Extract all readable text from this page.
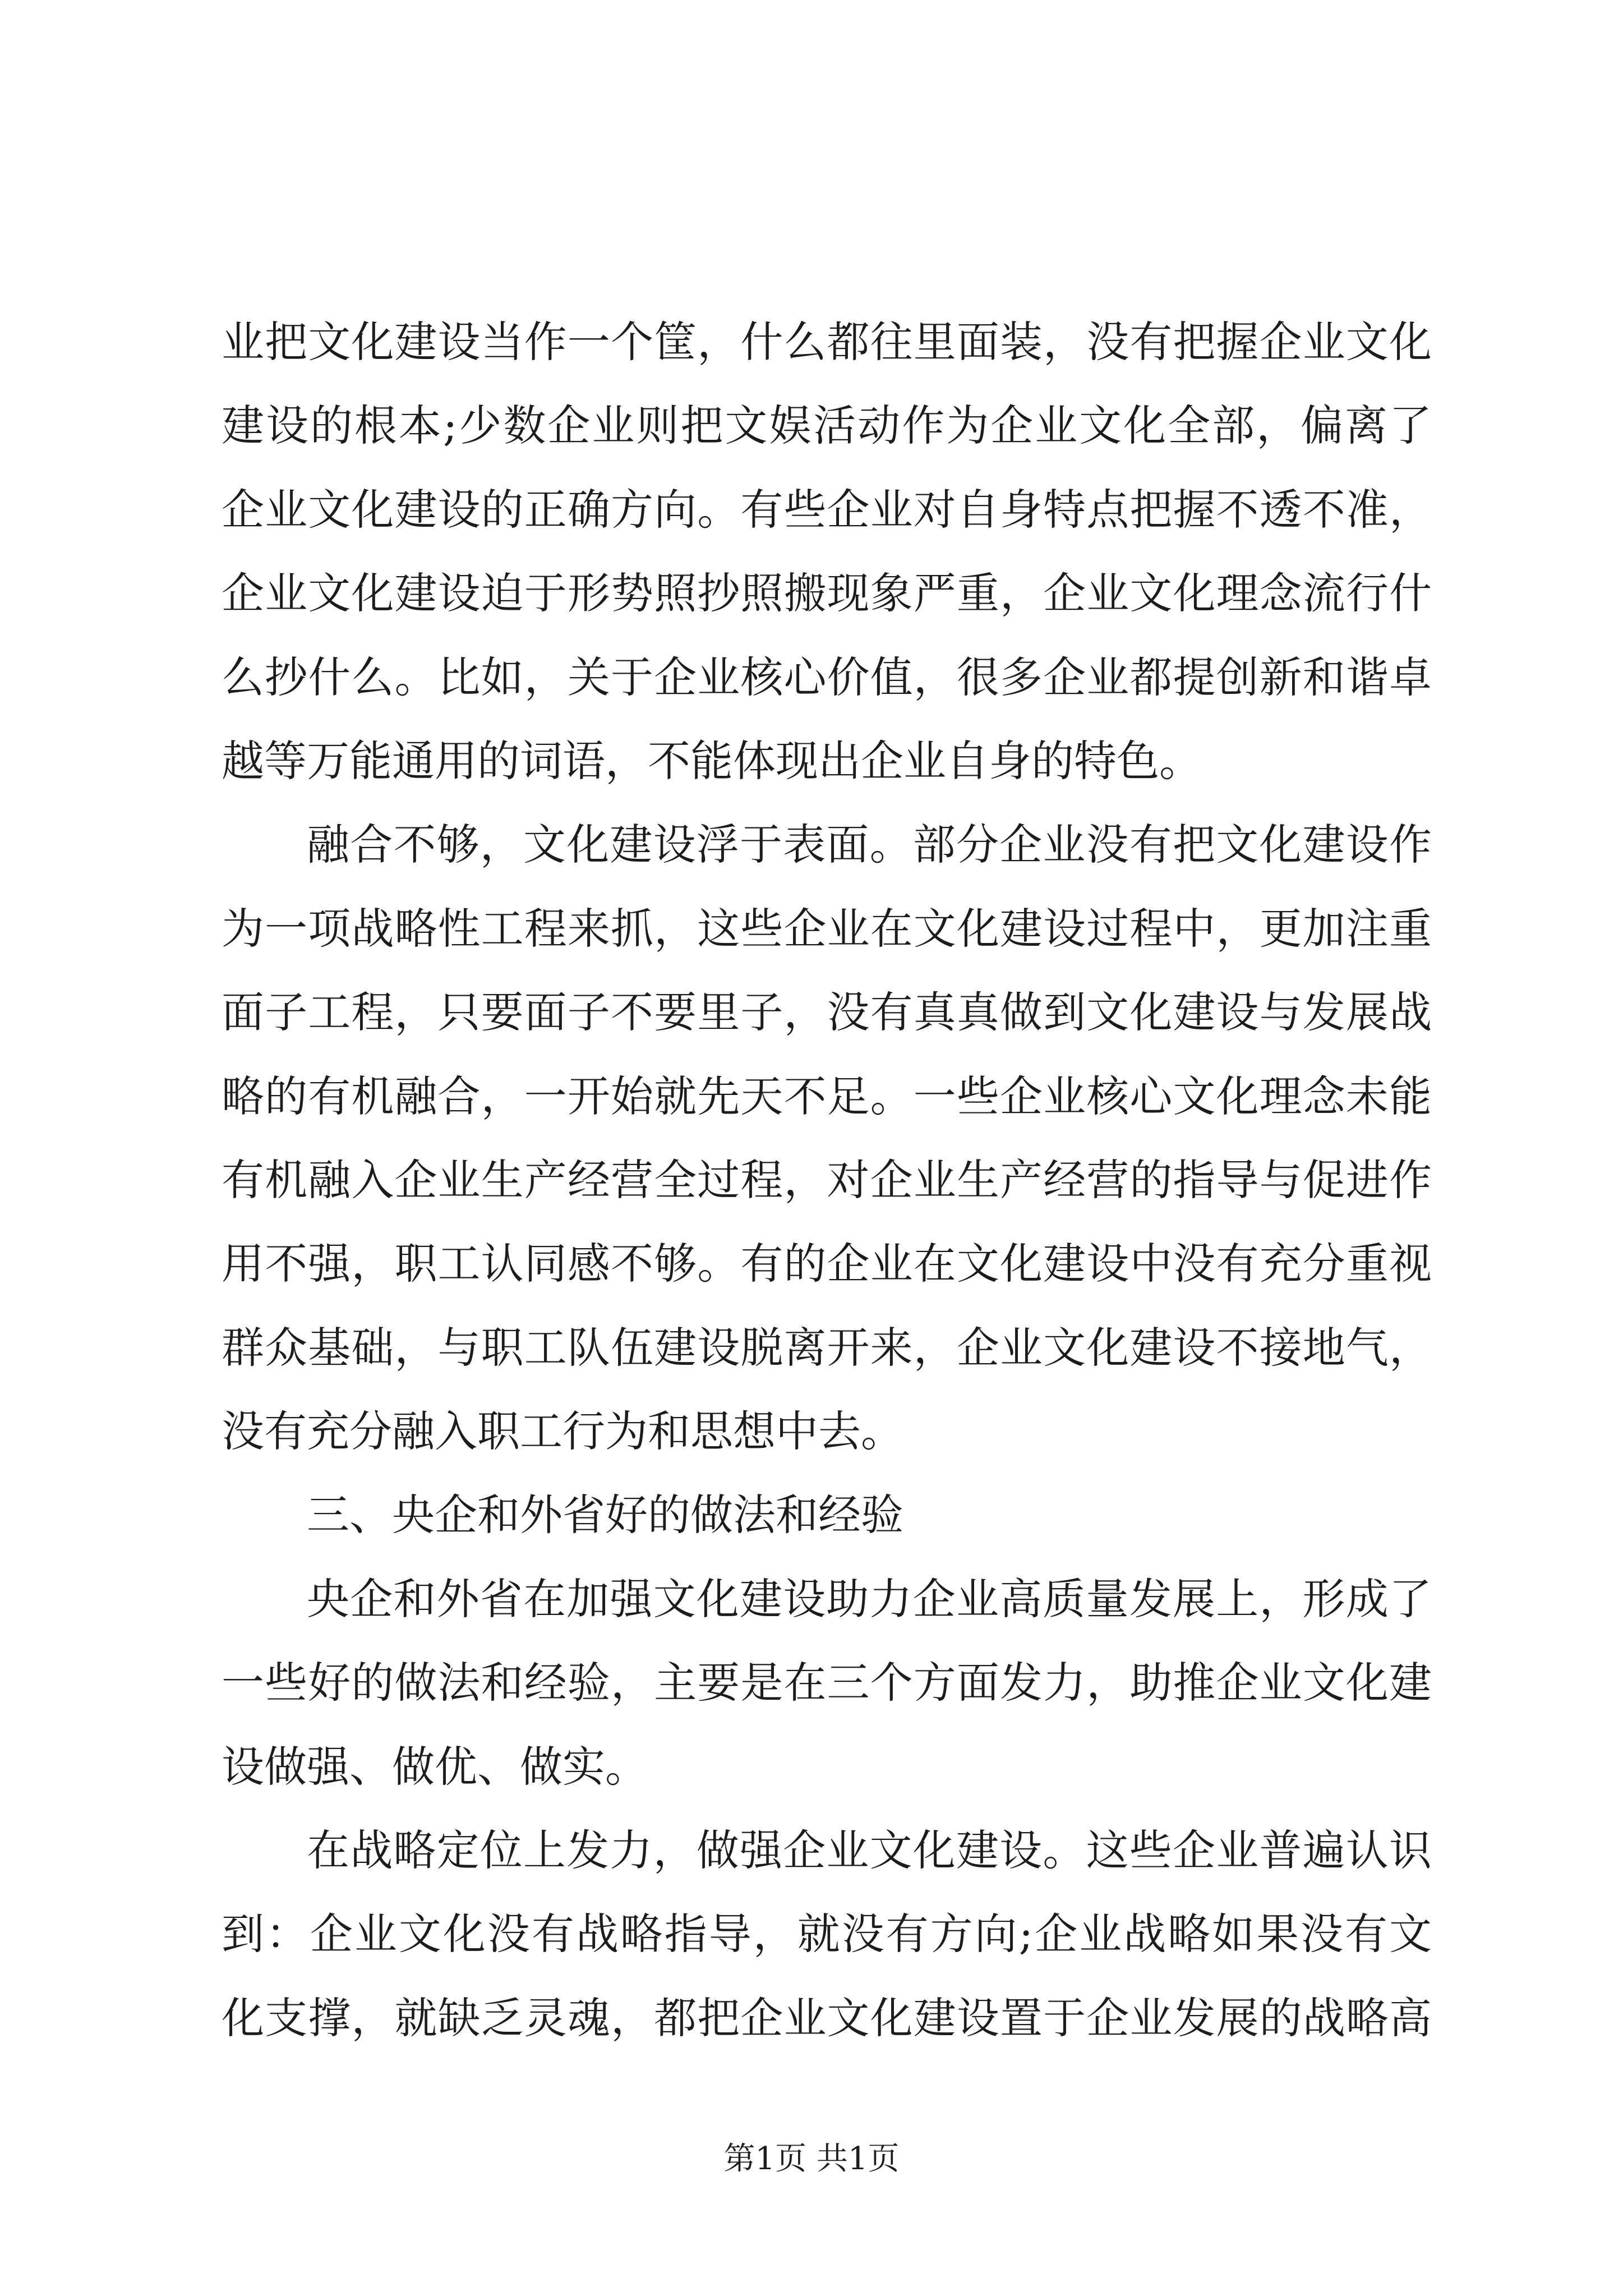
业把文化建设当作一个筐，什么都往里面装，没有把握企业文化
建设的根本;少数企业则把文娱活动作为企业文化全部，偏离了
企业文化建设的正确方向。有些企业对自身特点把握不透不准，
企业文化建设迫于形势照抄照搬现象严重，企业文化理念流行什
么抄什么。比如，关于企业核心价值，很多企业都提创新和谐卓
越等万能通用的词语，不能体现出企业自身的特色。
融合不够，文化建设浮于表面。部分企业没有把文化建设作
为一项战略性工程来抓，这些企业在文化建设过程中，更加注重
面子工程，只要面子不要里子，没有真真做到文化建设与发展战
略的有机融合，一开始就先天不足。一些企业核心文化理念未能
有机融入企业生产经营全过程，对企业生产经营的指导与促进作
用不强，职工认同感不够。有的企业在文化建设中没有充分重视
群众基础，与职工队伍建设脱离开来，企业文化建设不接地气，
没有充分融入职工行为和思想中去。
三、央企和外省好的做法和经验
央企和外省在加强文化建设助力企业高质量发展上，形成了
一些好的做法和经验，主要是在三个方面发力，助推企业文化建
设做强、做优、做实。
在战略定位上发力，做强企业文化建设。这些企业普遍认识
到：企业文化没有战略指导，就没有方向;企业战略如果没有文
化支撑，就缺乏灵魂，都把企业文化建设置于企业发展的战略高
第1页 共1页
